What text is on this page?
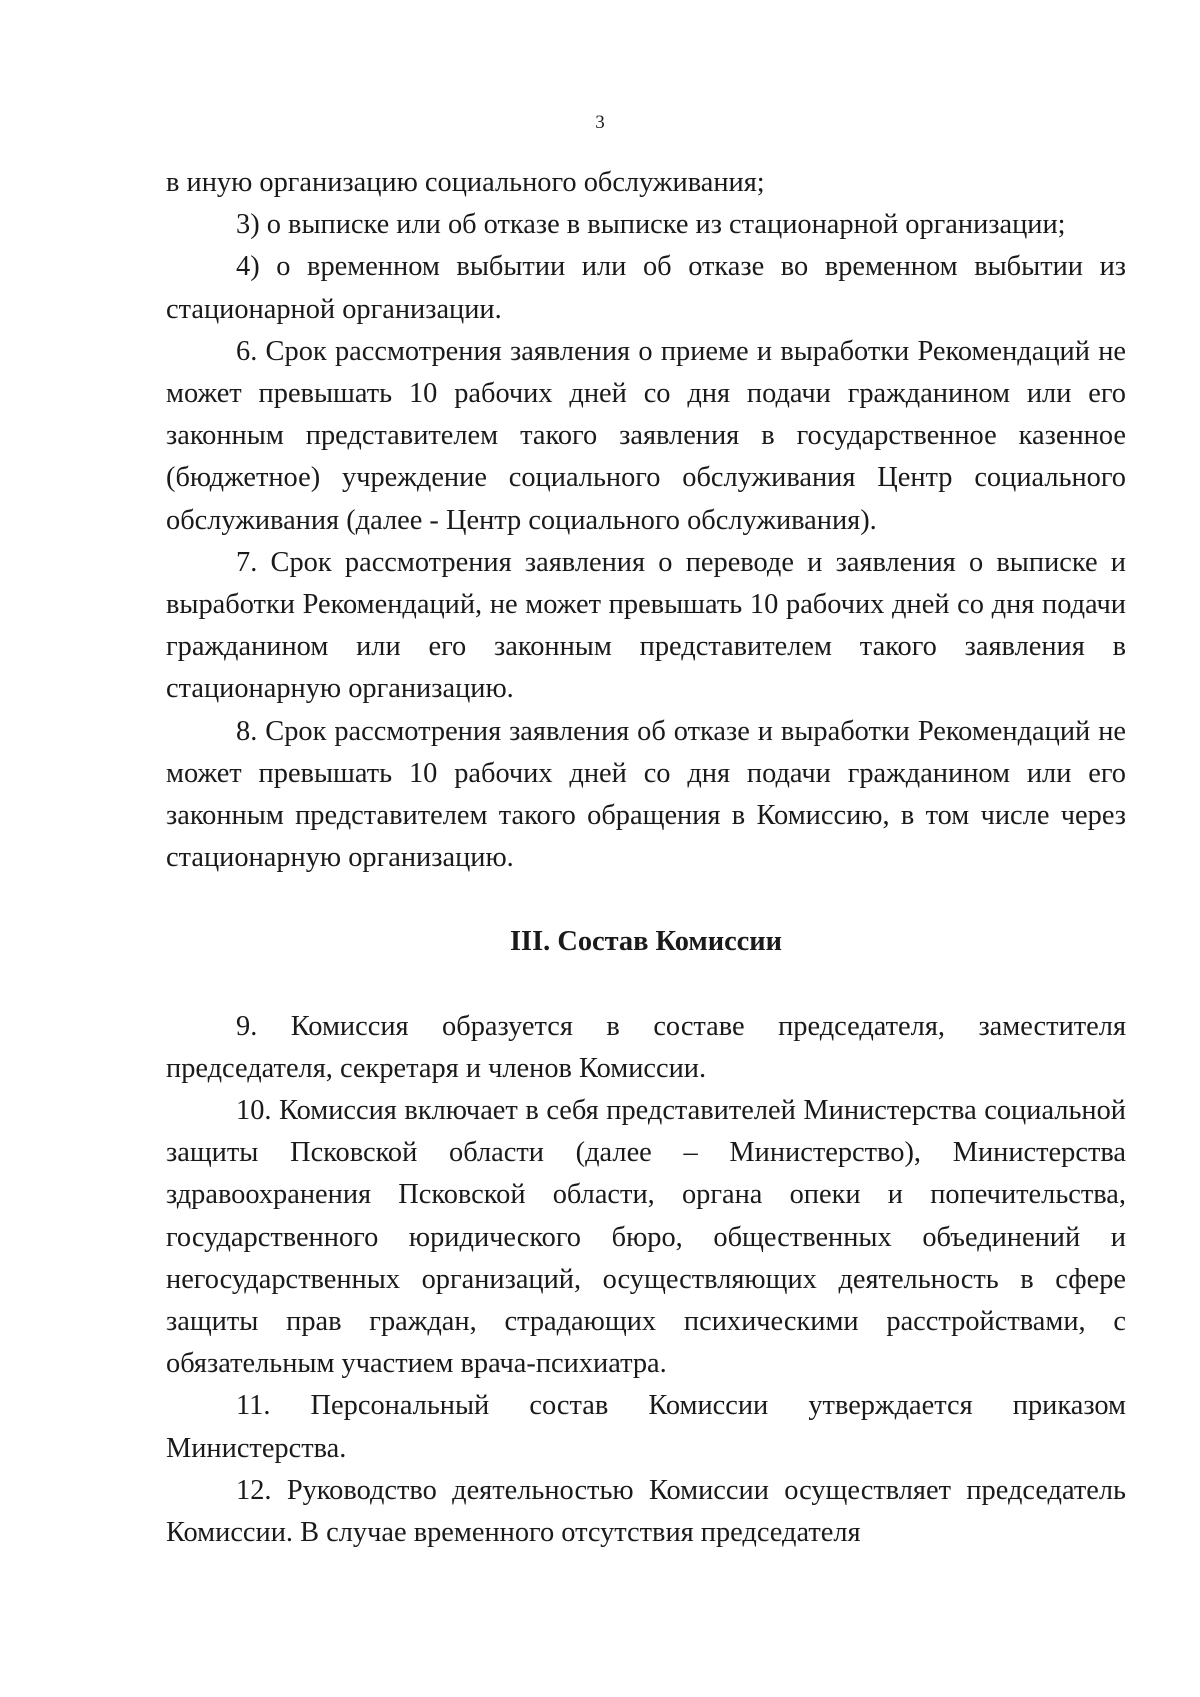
3

в иную организацию социального обслуживания;

3) о выписке или об отказе в выписке из стационарной организации;

4) о временном выбытии или об отказе во временном выбытии из стационарной организации.

6. Срок рассмотрения заявления о приеме и выработки Рекомендаций не может превышать 10 рабочих дней со дня подачи гражданином или его законным представителем такого заявления в государственное казенное (бюджетное) учреждение социального обслуживания Центр социального обслуживания (далее - Центр социального обслуживания).

7. Срок рассмотрения заявления о переводе и заявления о выписке и выработки Рекомендаций, не может превышать 10 рабочих дней со дня подачи гражданином или его законным представителем такого заявления в стационарную организацию.

8. Срок рассмотрения заявления об отказе и выработки Рекомендаций не может превышать 10 рабочих дней со дня подачи гражданином или его законным представителем такого обращения в Комиссию, в том числе через стационарную организацию.

III. Состав Комиссии

9. Комиссия образуется в составе председателя, заместителя председателя, секретаря и членов Комиссии.

10. Комиссия включает в себя представителей Министерства социальной защиты Псковской области (далее – Министерство), Министерства здравоохранения Псковской области, органа опеки и попечительства, государственного юридического бюро, общественных объединений и негосударственных организаций, осуществляющих деятельность в сфере защиты прав граждан, страдающих психическими расстройствами, с обязательным участием врача-психиатра.

11. Персональный состав Комиссии утверждается приказом Министерства.

12. Руководство деятельностью Комиссии осуществляет председатель Комиссии. В случае временного отсутствия председателя
